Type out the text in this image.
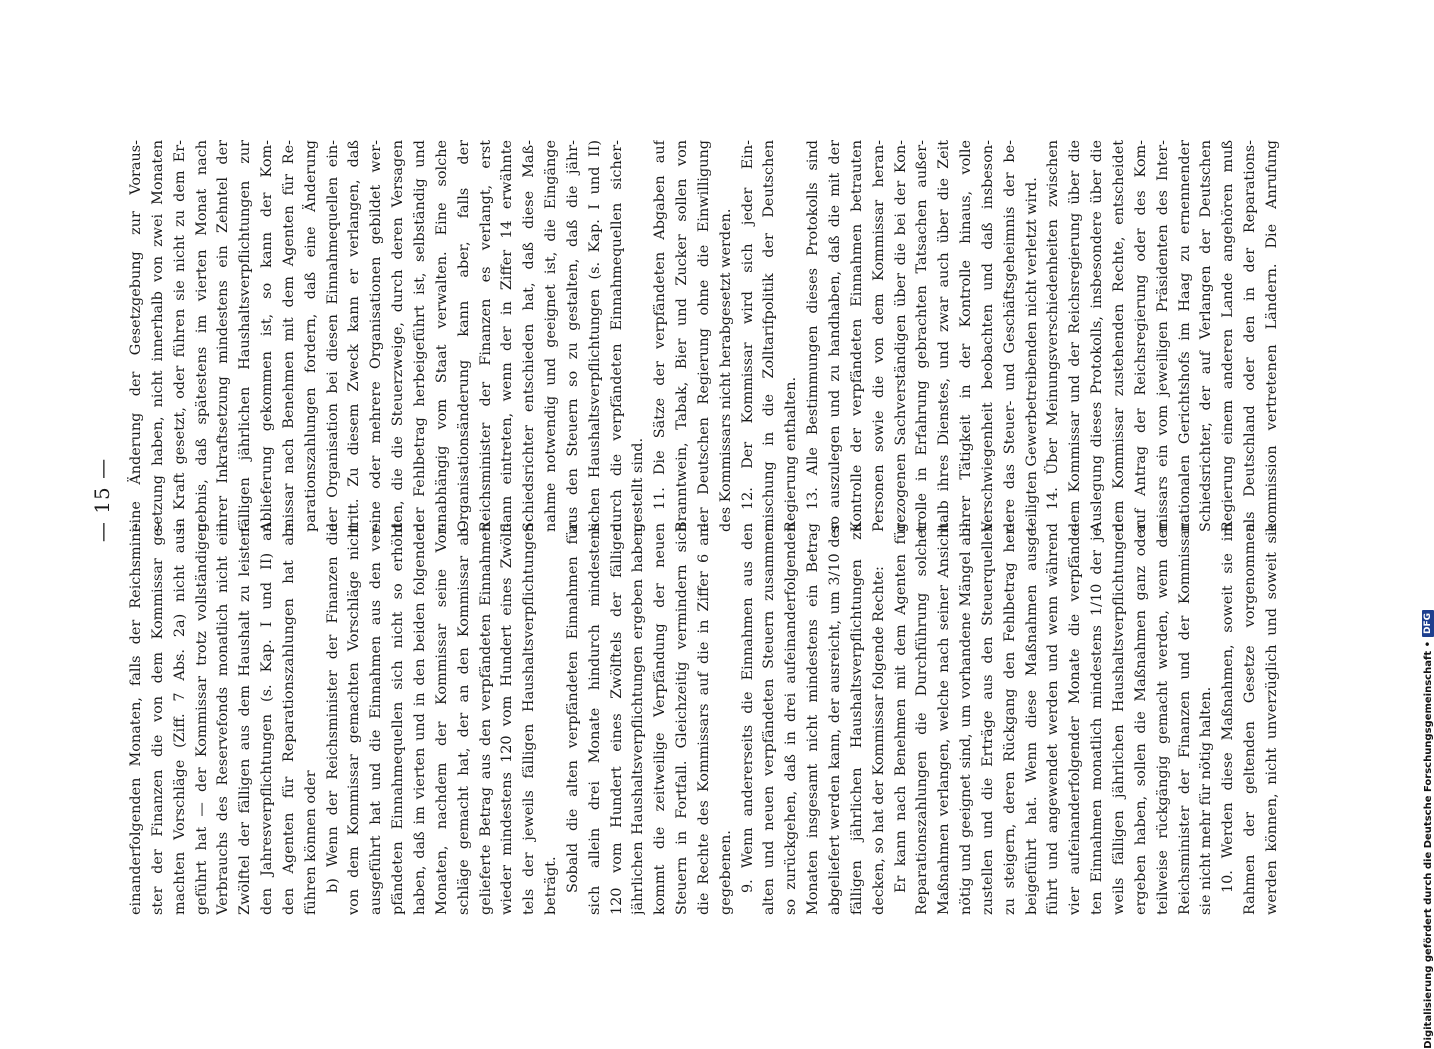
— 15 —
einanderfolgenden Monaten, falls der Reichsmini- ster der Finanzen die von dem Kommissar ge- machten Vorschläge (Ziff. 7 Abs. 2a) nicht aus- geführt hat — der Kommissar trotz vollständigen Verbrauchs des Reservefonds monatlich nicht ein Zwölftel der fälligen aus dem Haushalt zu leisten- den Jahresverpflichtungen (s. Kap. I und II) an den Agenten für Reparationszahlungen hat ab- führen können oder b) Wenn der Reichsminister der Finanzen die von dem Kommissar gemachten Vorschläge nicht ausgeführt hat und die Einnahmen aus den ver- pfändeten Einnahmequellen sich nicht so erhöht haben, daß im vierten und in den beiden folgenden Monaten, nachdem der Kommissar seine Vor- schläge gemacht hat, der an den Kommissar ab- gelieferte Betrag aus den verpfändeten Einnahmen wieder mindestens 120 vom Hundert eines Zwölf- tels der jeweils fälligen Haushaltsverpflichtungen beträgt. Sobald die alten verpfändeten Einnahmen für sich allein drei Monate hindurch mindestens 120 vom Hundert eines Zwölftels der fälligen jährlichen Haushaltsverpflichtungen ergeben haben, kommt die zeitweilige Verpfändung der neuen Steuern in Fortfall. Gleichzeitig vermindern sich die Rechte des Kommissars auf die in Ziffer 6 an- gegebenen. 9. Wenn andererseits die Einnahmen aus den alten und neuen verpfändeten Steuern zusammen so zurückgehen, daß in drei aufeinanderfolgenden Monaten insgesamt nicht mindestens ein Betrag abgeliefert werden kann, der ausreicht, um 3/10 der fälligen jährlichen Haushaltsverpflichtungen zu decken, so hat der Kommissar folgende Rechte: Er kann nach Benehmen mit dem Agenten für Reparationszahlungen die Durchführung solcher Maßnahmen verlangen, welche nach seiner Ansicht nötig und geeignet sind, um vorhandene Mängel ab- zustellen und die Erträge aus den Steuerquellen zu steigern, deren Rückgang den Fehlbetrag her- beigeführt hat. Wenn diese Maßnahmen ausge- führt und angewendet werden und wenn während vier aufeinanderfolgender Monate die verpfände- ten Einnahmen monatlich mindestens 1/10 der je- weils fälligen jährlichen Haushaltsverpflichtungen ergeben haben, sollen die Maßnahmen ganz oder teilweise rückgängig gemacht werden, wenn der Reichsminister der Finanzen und der Kommissar sie nicht mehr für nötig halten. 10. Werden diese Maßnahmen, soweit sie im Rahmen der geltenden Gesetze vorgenommen werden können, nicht unverzüglich und soweit sie
eine Änderung der Gesetzgebung zur Voraus- setzung haben, nicht innerhalb von zwei Monaten in Kraft gesetzt, oder führen sie nicht zu dem Er- gebnis, daß spätestens im vierten Monat nach ihrer Inkraftsetzung mindestens ein Zehntel der fälligen jährlichen Haushaltsverpflichtungen zur Ablieferung gekommen ist, so kann der Kom- missar nach Benehmen mit dem Agenten für Re- parationszahlungen fordern, daß eine Änderung der Organisation bei diesen Einnahmequellen ein- tritt. Zu diesem Zweck kann er verlangen, daß eine oder mehrere Organisationen gebildet wer- den, die die Steuerzweige, durch deren Versagen der Fehlbetrag herbeigeführt ist, selbständig und unabhängig vom Staat verwalten. Eine solche Organisationsänderung kann aber, falls der Reichsminister der Finanzen es verlangt, erst dann eintreten, wenn der in Ziffer 14 erwähnte Schiedsrichter entschieden hat, daß diese Maß- nahme notwendig und geeignet ist, die Eingänge aus den Steuern so zu gestalten, daß die jähr- lichen Haushaltsverpflichtungen (s. Kap. I und II) durch die verpfändeten Einnahmequellen sicher- gestellt sind. 11. Die Sätze der verpfändeten Abgaben auf Branntwein, Tabak, Bier und Zucker sollen von der Deutschen Regierung ohne die Einwilligung des Kommissars nicht herabgesetzt werden. 12. Der Kommissar wird sich jeder Ein- mischung in die Zolltarifpolitik der Deutschen Regierung enthalten. 13. Alle Bestimmungen dieses Protokolls sind so auszulegen und zu handhaben, daß die mit der Kontrolle der verpfändeten Einnahmen betrauten Personen sowie die von dem Kommissar heran- gezogenen Sachverständigen über die bei der Kon- trolle in Erfahrung gebrachten Tatsachen außer- halb ihres Dienstes, und zwar auch über die Zeit ihrer Tätigkeit in der Kontrolle hinaus, volle Verschwiegenheit beobachten und daß insbeson- dere das Steuer- und Geschäftsgeheimnis der be- teiligten Gewerbetreibenden nicht verletzt wird. 14. Über Meinungsverschiedenheiten zwischen dem Kommissar und der Reichsregierung über die Auslegung dieses Protokolls, insbesondere über die dem Kommissar zustehenden Rechte, entscheidet auf Antrag der Reichsregierung oder des Kom- missars ein vom jeweiligen Präsidenten des Inter- nationalen Gerichtshofs im Haag zu ernennender Schiedsrichter, der auf Verlangen der Deutschen Regierung einem anderen Lande angehören muß als Deutschland oder den in der Reparations- kommission vertretenen Ländern. Die Anrufung
Digitalisierung gefördert durch die Deutsche Forschungsgemeinschaft •
DFG
